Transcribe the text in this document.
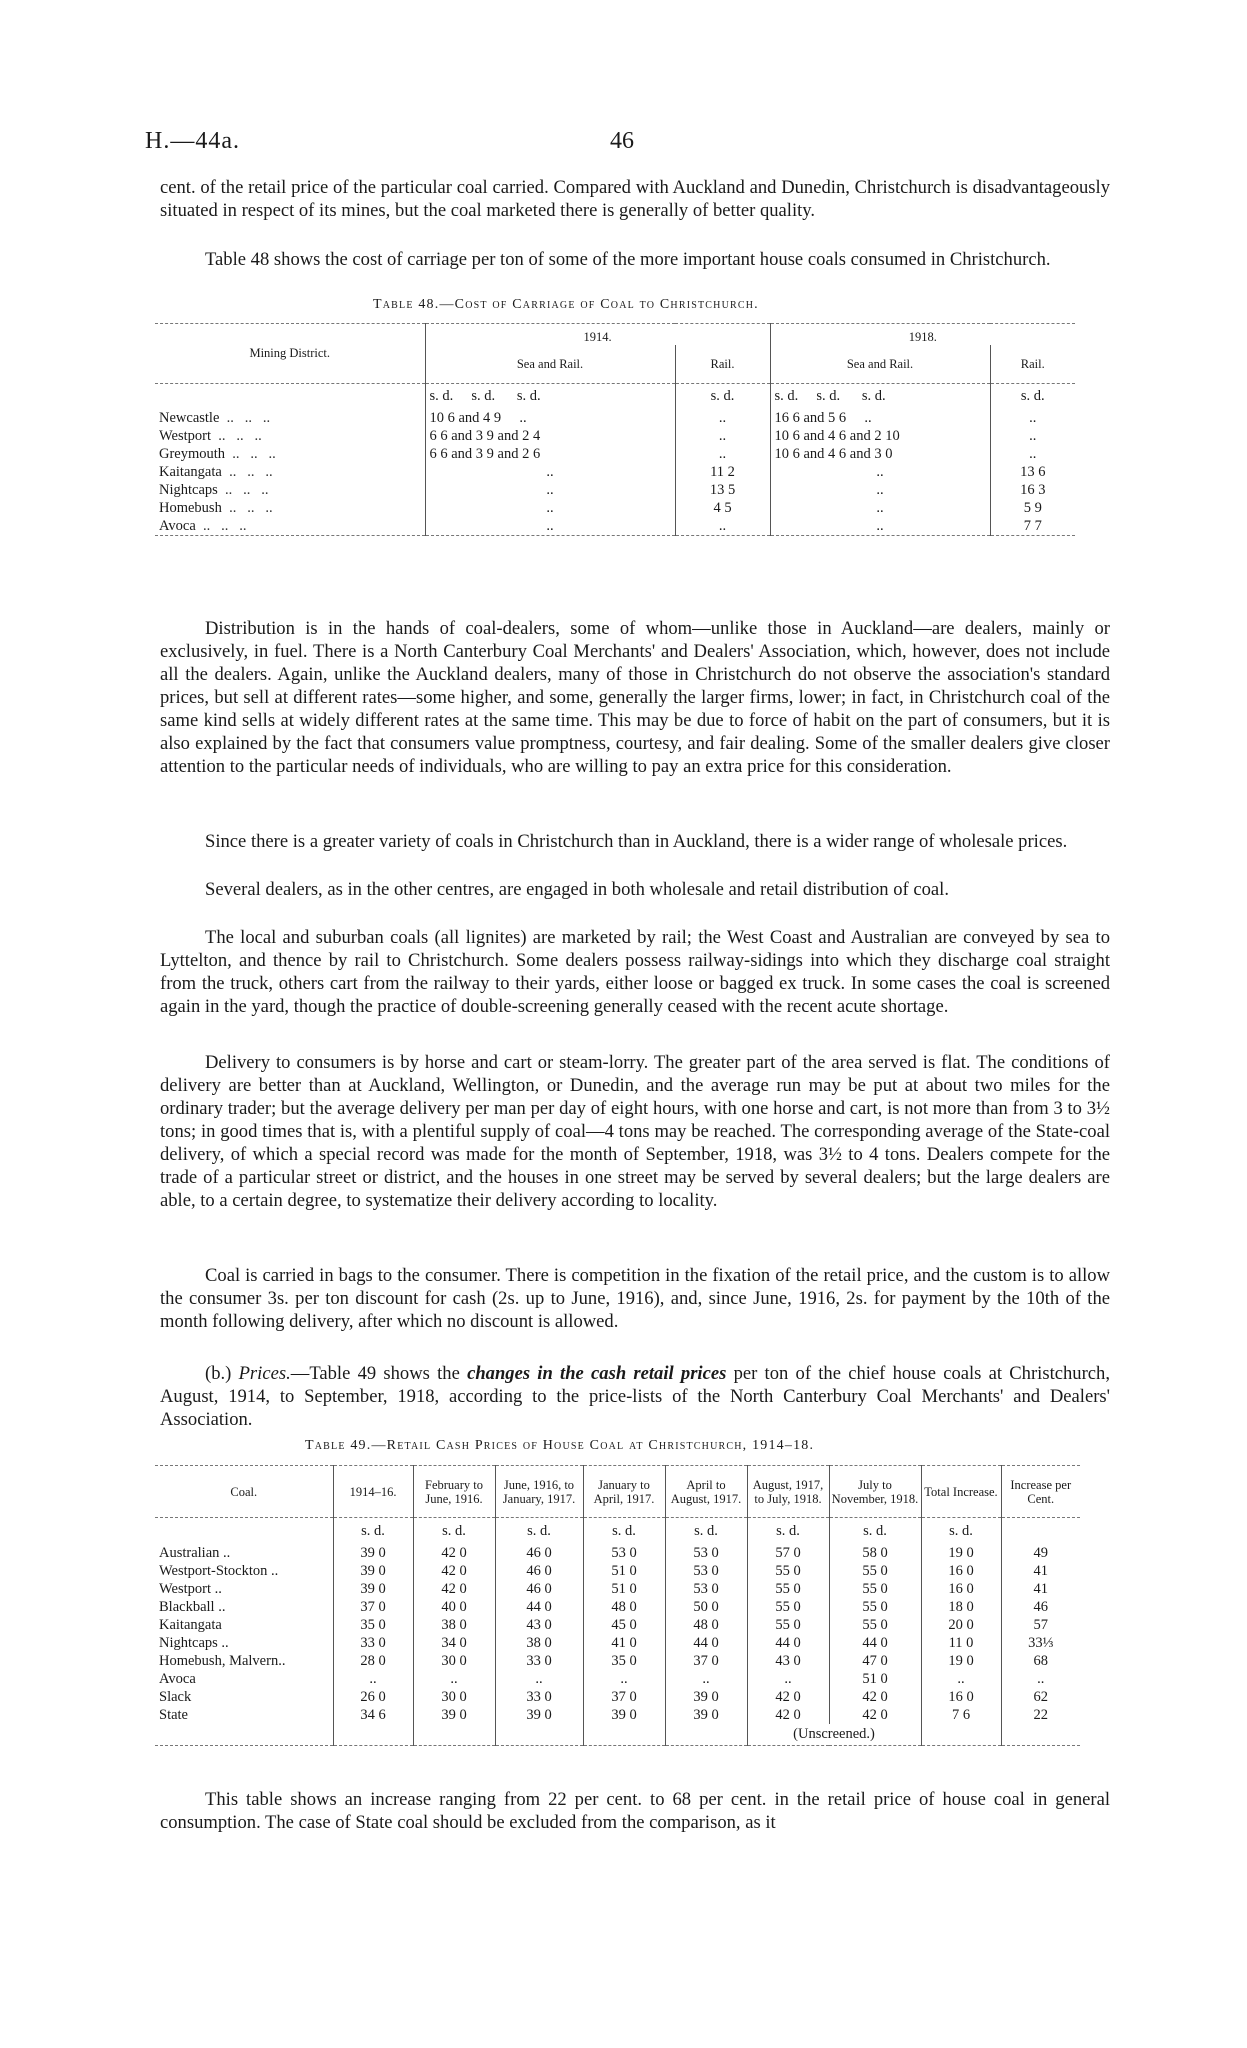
H.—44a.	46

cent. of the retail price of the particular coal carried. Compared with Auckland and Dunedin, Christchurch is disadvantageously situated in respect of its mines, but the coal marketed there is generally of better quality.

Table 48 shows the cost of carriage per ton of some of the more important house coals consumed in Christchurch.

Table 48.—Cost of Carriage of Coal to Christchurch.
Mining District.	1914.		1918.	
	Sea and Rail.	Rail.	Sea and Rail.	Rail.
	s. d.     s. d.      s. d.	s. d.	s. d.     s. d.      s. d.	s. d.
Newcastle  ..   ..   ..	10 6 and 4 9 ..	..	16 6 and 5 6 ..	..
Westport  ..   ..   ..	6 6 and 3 9 and 2 4	..	10 6 and 4 6 and 2 10	..
Greymouth  ..   ..   ..	6 6 and 3 9 and 2 6	..	10 6 and 4 6 and 3 0	..
Kaitangata  ..   ..   ..	..	11 2	..	13 6
Nightcaps  ..   ..   ..	..	13 5	..	16 3
Homebush  ..   ..   ..	..	4 5	..	5 9
Avoca  ..   ..   ..	..	..	..	7 7

Distribution is in the hands of coal-dealers, some of whom—unlike those in Auckland—are dealers, mainly or exclusively, in fuel. There is a North Canterbury Coal Merchants' and Dealers' Association, which, however, does not include all the dealers. Again, unlike the Auckland dealers, many of those in Christchurch do not observe the association's standard prices, but sell at different rates—some higher, and some, generally the larger firms, lower; in fact, in Christchurch coal of the same kind sells at widely different rates at the same time. This may be due to force of habit on the part of consumers, but it is also explained by the fact that consumers value promptness, courtesy, and fair dealing. Some of the smaller dealers give closer attention to the particular needs of individuals, who are willing to pay an extra price for this consideration.

Since there is a greater variety of coals in Christchurch than in Auckland, there is a wider range of wholesale prices.

Several dealers, as in the other centres, are engaged in both wholesale and retail distribution of coal.

The local and suburban coals (all lignites) are marketed by rail; the West Coast and Australian are conveyed by sea to Lyttelton, and thence by rail to Christchurch. Some dealers possess railway-sidings into which they discharge coal straight from the truck, others cart from the railway to their yards, either loose or bagged ex truck. In some cases the coal is screened again in the yard, though the practice of double-screening generally ceased with the recent acute shortage.

Delivery to consumers is by horse and cart or steam-lorry. The greater part of the area served is flat. The conditions of delivery are better than at Auckland, Wellington, or Dunedin, and the average run may be put at about two miles for the ordinary trader; but the average delivery per man per day of eight hours, with one horse and cart, is not more than from 3 to 3½ tons; in good times that is, with a plentiful supply of coal—4 tons may be reached. The corresponding average of the State-coal delivery, of which a special record was made for the month of September, 1918, was 3½ to 4 tons. Dealers compete for the trade of a particular street or district, and the houses in one street may be served by several dealers; but the large dealers are able, to a certain degree, to systematize their delivery according to locality.

Coal is carried in bags to the consumer. There is competition in the fixation of the retail price, and the custom is to allow the consumer 3s. per ton discount for cash (2s. up to June, 1916), and, since June, 1916, 2s. for payment by the 10th of the month following delivery, after which no discount is allowed.

(b.) Prices.—Table 49 shows the changes in the cash retail prices per ton of the chief house coals at Christchurch, August, 1914, to September, 1918, according to the price-lists of the North Canterbury Coal Merchants' and Dealers' Association.

Table 49.—Retail Cash Prices of House Coal at Christchurch, 1914–18.
Coal.	1914–16.	February to June, 1916.	June, 1916, to January, 1917.	January to April, 1917.	April to August, 1917.	August, 1917, to July, 1918.	July to November, 1918.	Total Increase.	Increase per Cent.
	s. d.	s. d.	s. d.	s. d.	s. d.	s. d.	s. d.	s. d.	
Australian ..	39 0	42 0	46 0	53 0	53 0	57 0	58 0	19 0	49
Westport-Stockton ..	39 0	42 0	46 0	51 0	53 0	55 0	55 0	16 0	41
Westport ..	39 0	42 0	46 0	51 0	53 0	55 0	55 0	16 0	41
Blackball ..	37 0	40 0	44 0	48 0	50 0	55 0	55 0	18 0	46
Kaitangata	35 0	38 0	43 0	45 0	48 0	55 0	55 0	20 0	57
Nightcaps ..	33 0	34 0	38 0	41 0	44 0	44 0	44 0	11 0	33⅓
Homebush, Malvern..	28 0	30 0	33 0	35 0	37 0	43 0	47 0	19 0	68
Avoca	..	..	..	..	..	..	51 0	..	..
Slack	26 0	30 0	33 0	37 0	39 0	42 0	42 0	16 0	62
State	34 6	39 0	39 0	39 0	39 0	42 0	42 0	7 6	22
						(Unscreened.)			

This table shows an increase ranging from 22 per cent. to 68 per cent. in the retail price of house coal in general consumption. The case of State coal should be excluded from the comparison, as it
